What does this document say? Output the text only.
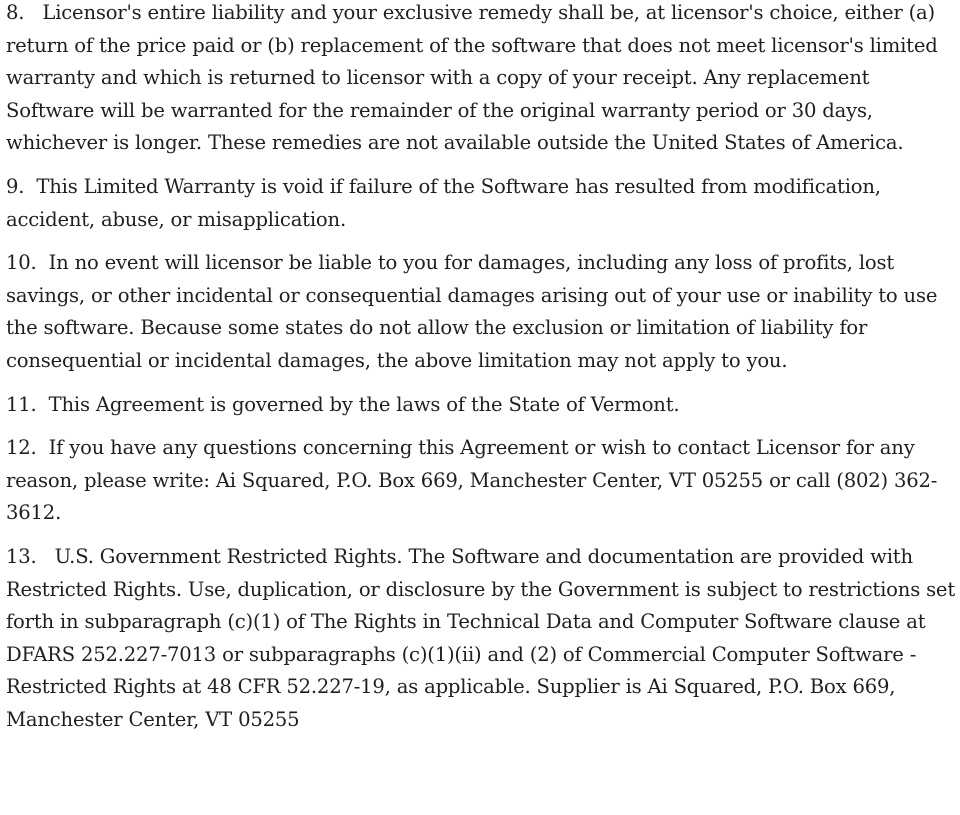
8. Licensor's entire liability and your exclusive remedy shall be, at licensor's choice, either (a) return of the price paid or (b) replacement of the software that does not meet licensor's limited warranty and which is returned to licensor with a copy of your receipt. Any replacement Software will be warranted for the remainder of the original warranty period or 30 days, whichever is longer. These remedies are not available outside the United States of America.

9. This Limited Warranty is void if failure of the Software has resulted from modification, accident, abuse, or misapplication.

10. In no event will licensor be liable to you for damages, including any loss of profits, lost savings, or other incidental or consequential damages arising out of your use or inability to use the software. Because some states do not allow the exclusion or limitation of liability for consequential or incidental damages, the above limitation may not apply to you.

11. This Agreement is governed by the laws of the State of Vermont.

12. If you have any questions concerning this Agreement or wish to contact Licensor for any reason, please write: Ai Squared, P.O. Box 669, Manchester Center, VT 05255 or call (802) 362-3612.

13. U.S. Government Restricted Rights. The Software and documentation are provided with Restricted Rights. Use, duplication, or disclosure by the Government is subject to restrictions set forth in subparagraph (c)(1) of The Rights in Technical Data and Computer Software clause at DFARS 252.227-7013 or subparagraphs (c)(1)(ii) and (2) of Commercial Computer Software - Restricted Rights at 48 CFR 52.227-19, as applicable. Supplier is Ai Squared, P.O. Box 669, Manchester Center, VT 05255
